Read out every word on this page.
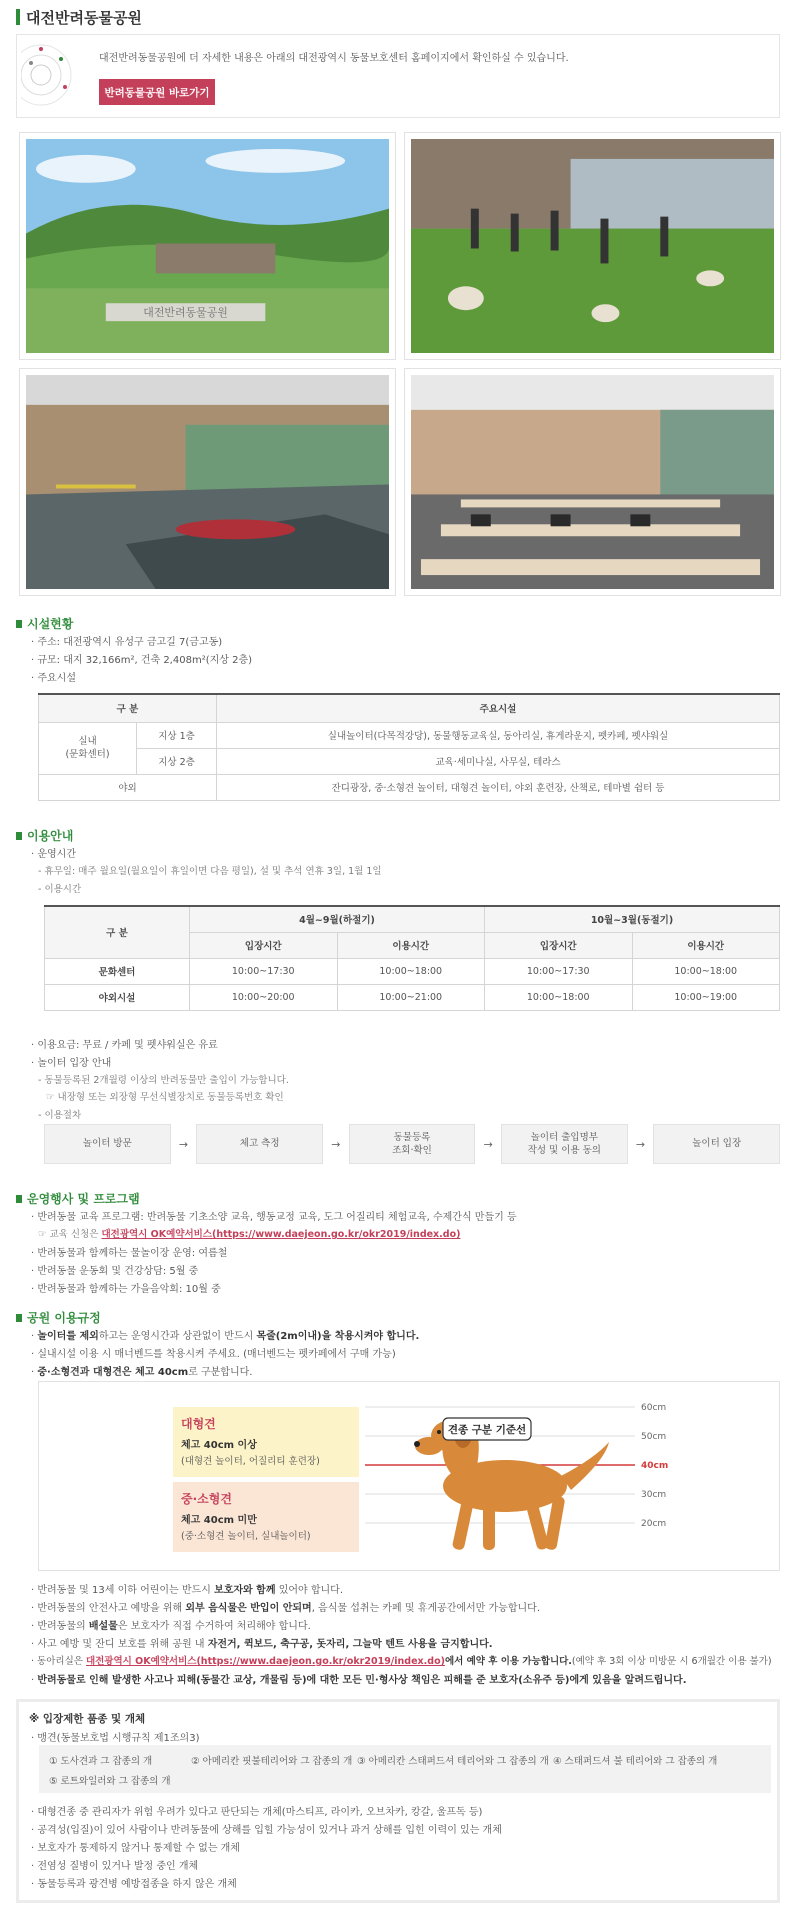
대전반려동물공원
대전반려동물공원에 더 자세한 내용은 아래의 대전광역시 동물보호센터 홈페이지에서 확인하실 수 있습니다.
반려동물공원 바로가기
대전반려동물공원
시설현황
· 주소: 대전광역시 유성구 금고길 7(금고동)
· 규모: 대지 32,166m², 건축 2,408m²(지상 2층)
· 주요시설
구 분		주요시설
실내
(문화센터)	지상 1층	실내놀이터(다목적강당), 동물행동교육실, 동아리실, 휴게라운지, 펫카페, 펫샤워실
	지상 2층	교육·세미나실, 사무실, 테라스
야외		잔디광장, 중·소형견 놀이터, 대형견 놀이터, 야외 훈련장, 산책로, 테마별 쉼터 등
이용안내
· 운영시간
- 휴무일: 매주 월요일(월요일이 휴일이면 다음 평일), 설 및 추석 연휴 3일, 1월 1일
- 이용시간
구 분	4월~9월(하절기)		10월~3월(동절기)	
	입장시간	이용시간	입장시간	이용시간
문화센터	10:00~17:30	10:00~18:00	10:00~17:30	10:00~18:00
야외시설	10:00~20:00	10:00~21:00	10:00~18:00	10:00~19:00
· 이용요금: 무료 / 카페 및 펫샤워실은 유료
· 놀이터 입장 안내
- 동물등록된 2개월령 이상의 반려동물만 출입이 가능합니다.
☞ 내장형 또는 외장형 무선식별장치로 동물등록번호 확인
- 이용절차
놀이터 방문	→	체고 측정	→
동물등록
조회·확인	→
놀이터 출입명부
작성 및 이용 동의	→	놀이터 입장
운영행사 및 프로그램
· 반려동물 교육 프로그램: 반려동물 기초소양 교육, 행동교정 교육, 도그 어질리티 체험교육, 수제간식 만들기 등
☞ 교육 신청은 대전광역시 OK예약서비스(https://www.daejeon.go.kr/okr2019/index.do)
· 반려동물과 함께하는 물놀이장 운영: 여름철
· 반려동물 운동회 및 건강상담: 5월 중
· 반려동물과 함께하는 가을음악회: 10월 중
공원 이용규정
· 놀이터를 제외하고는 운영시간과 상관없이 반드시 목줄(2m이내)을 착용시켜야 합니다.
· 실내시설 이용 시 매너벤드를 착용시켜 주세요. (매너벤드는 펫카페에서 구매 가능)
· 중·소형견과 대형견은 체고 40cm로 구분합니다.
대형견
체고 40cm 이상
(대형견 놀이터, 어질리티 훈련장)
중·소형견
체고 40cm 미만
(중·소형견 놀이터, 실내놀이터)
견종 구분 기준선
60cm
50cm
40cm
30cm
20cm
· 반려동물 및 13세 이하 어린이는 반드시 보호자와 함께 있어야 합니다.
· 반려동물의 안전사고 예방을 위해 외부 음식물은 반입이 안되며, 음식물 섭취는 카페 및 휴게공간에서만 가능합니다.
· 반려동물의 배설물은 보호자가 직접 수거하여 처리해야 합니다.
· 사고 예방 및 잔디 보호를 위해 공원 내 자전거, 퀵보드, 축구공, 돗자리, 그늘막 텐트 사용을 금지합니다.
· 동아리실은 대전광역시 OK예약서비스(https://www.daejeon.go.kr/okr2019/index.do)에서 예약 후 이용 가능합니다.(예약 후 3회 이상 미방문 시 6개월간 이용 불가)
· 반려동물로 인해 발생한 사고나 피해(동물간 교상, 개물림 등)에 대한 모든 민·형사상 책임은 피해를 준 보호자(소유주 등)에게 있음을 알려드립니다.
※ 입장제한 품종 및 개체
· 맹견(동물보호법 시행규칙 제1조의3)
① 도사견과 그 잡종의 개	② 아메리칸 핏불테리어와 그 잡종의 개 ③ 아메리칸 스태퍼드셔 테리어와 그 잡종의 개 ④ 스태퍼드셔 불 테리어와 그 잡종의 개
⑤ 로트와일러와 그 잡종의 개
· 대형견종 중 관리자가 위험 우려가 있다고 판단되는 개체(마스티프, 라이카, 오브차카, 캉갈, 울프독 등)
· 공격성(입질)이 있어 사람이나 반려동물에 상해를 입힐 가능성이 있거나 과거 상해를 입힌 이력이 있는 개체
· 보호자가 통제하지 않거나 통제할 수 없는 개체
· 전염성 질병이 있거나 발정 중인 개체
· 동물등록과 광견병 예방접종을 하지 않은 개체
